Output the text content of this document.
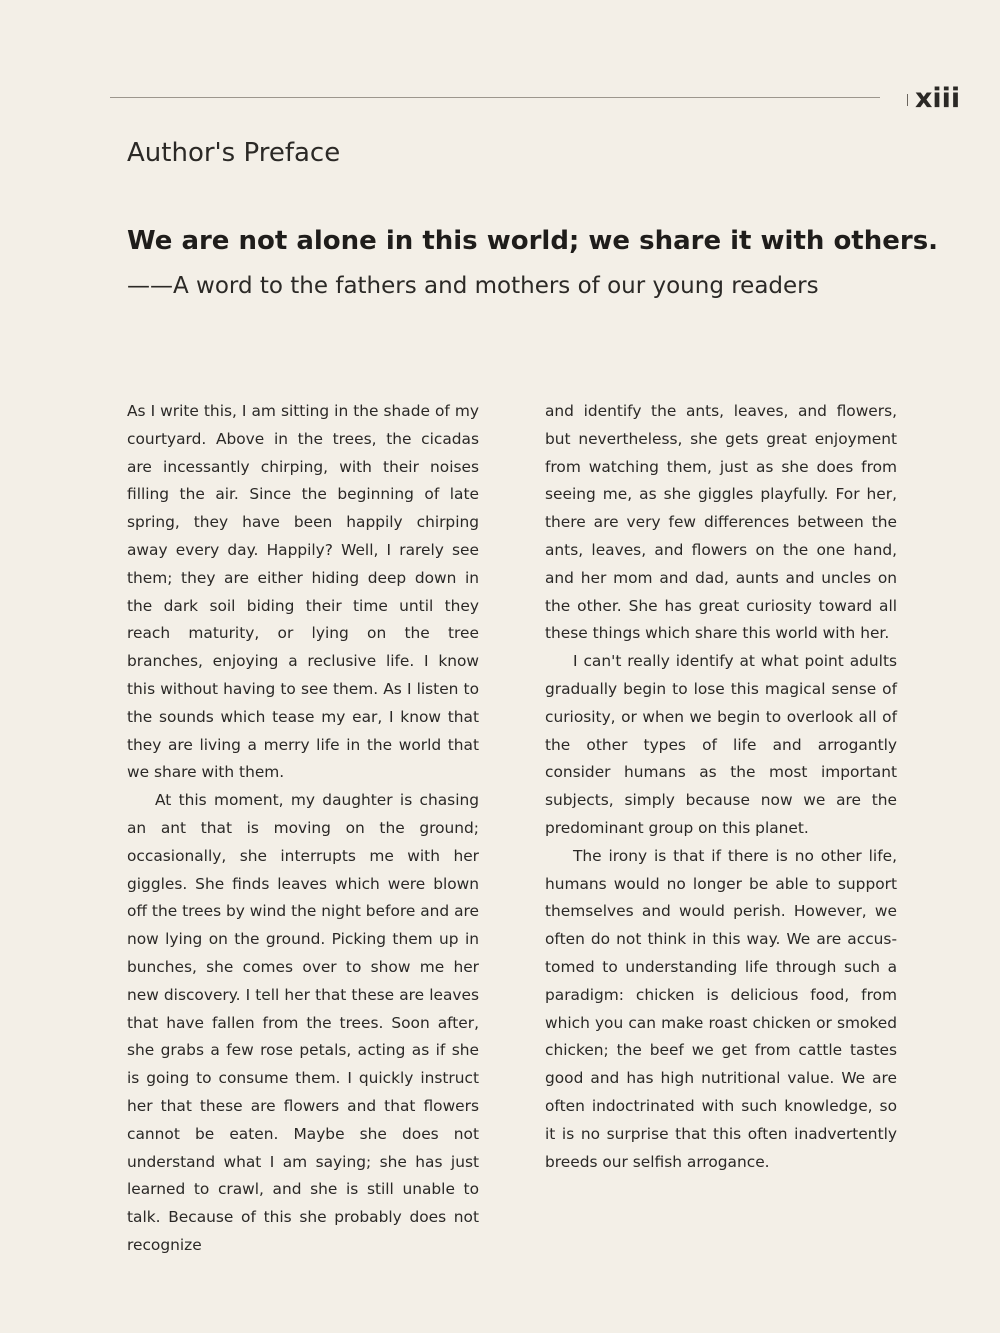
xiii
Author's Preface
We are not alone in this world; we share it with others.
——A word to the fathers and mothers of our young readers

As I write this, I am sitting in the shade of my courtyard. Above in the trees, the cicadas are incessantly chirping, with their noises filling the air. Since the beginning of late spring, they have been happily chirping away every day. Happily? Well, I rarely see them; they are either hiding deep down in the dark soil biding their time until they reach maturity, or lying on the tree branches, enjoying a reclusive life. I know this without having to see them. As I listen to the sounds which tease my ear, I know that they are living a merry life in the world that we share with them.

At this moment, my daughter is chasing an ant that is moving on the ground; occasionally, she interrupts me with her giggles. She finds leaves which were blown off the trees by wind the night before and are now lying on the ground. Picking them up in bunches, she comes over to show me her new discovery. I tell her that these are leaves that have fallen from the trees. Soon after, she grabs a few rose petals, acting as if she is going to consume them. I quickly instruct her that these are flowers and that flowers cannot be eaten. Maybe she does not understand what I am saying; she has just learned to crawl, and she is still unable to talk. Because of this she probably does not recognize

and identify the ants, leaves, and flowers, but nevertheless, she gets great enjoyment from watching them, just as she does from seeing me, as she giggles playfully. For her, there are very few differences between the ants, leaves, and flowers on the one hand, and her mom and dad, aunts and uncles on the other. She has great curiosity toward all these things which share this world with her.

I can't really identify at what point adults gradually begin to lose this magical sense of curiosity, or when we begin to overlook all of the other types of life and arrogantly consider humans as the most important subjects, simply because now we are the predominant group on this planet.

The irony is that if there is no other life, humans would no longer be able to support themselves and would perish. However, we often do not think in this way. We are accustomed to understanding life through such a paradigm: chicken is delicious food, from which you can make roast chicken or smoked chicken; the beef we get from cattle tastes good and has high nutritional value. We are often indoctrinated with such knowledge, so it is no surprise that this often inadvertently breeds our selfish arrogance.
